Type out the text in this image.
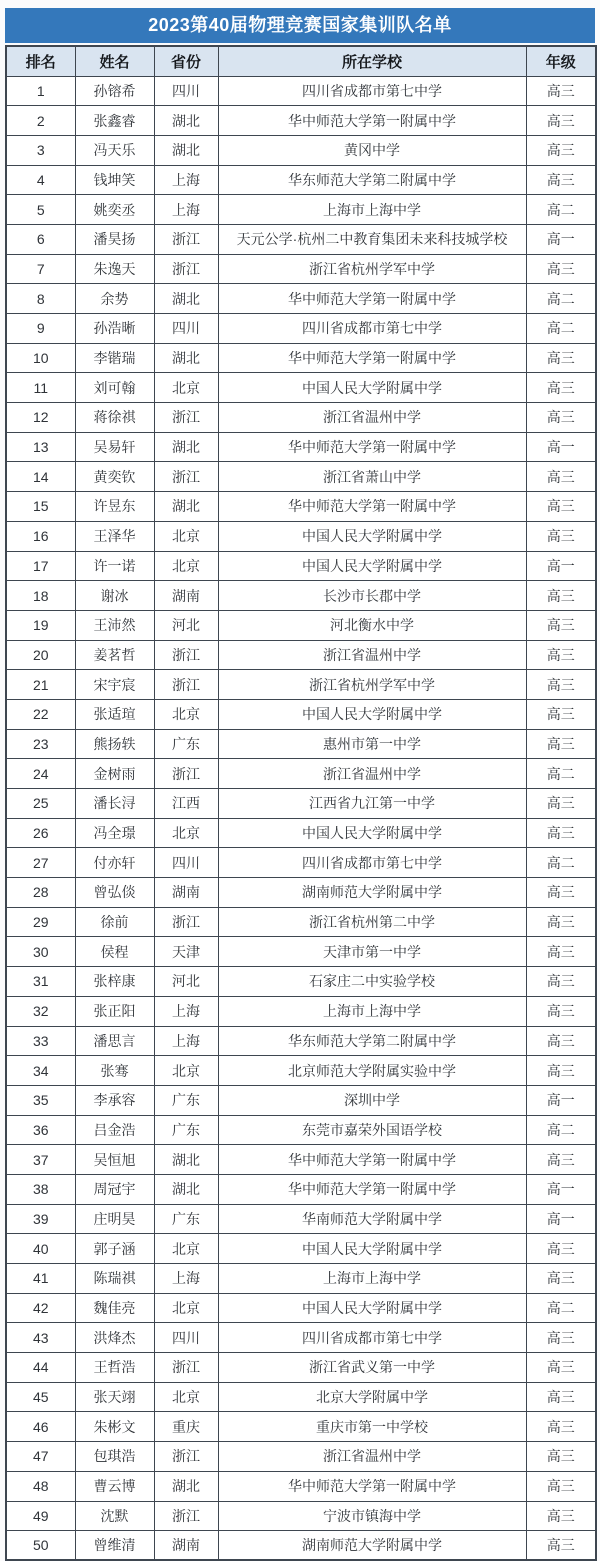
2023第40届物理竞赛国家集训队名单
排名	姓名	省份	所在学校	年级
1	孙镕希	四川	四川省成都市第七中学	高三
2	张鑫睿	湖北	华中师范大学第一附属中学	高三
3	冯天乐	湖北	黄冈中学	高三
4	钱坤笑	上海	华东师范大学第二附属中学	高三
5	姚奕丞	上海	上海市上海中学	高二
6	潘昊扬	浙江	天元公学·杭州二中教育集团未来科技城学校	高一
7	朱逸天	浙江	浙江省杭州学军中学	高三
8	余势	湖北	华中师范大学第一附属中学	高二
9	孙浩晰	四川	四川省成都市第七中学	高二
10	李锴瑞	湖北	华中师范大学第一附属中学	高三
11	刘可翰	北京	中国人民大学附属中学	高三
12	蒋徐祺	浙江	浙江省温州中学	高三
13	吴易轩	湖北	华中师范大学第一附属中学	高一
14	黄奕钦	浙江	浙江省萧山中学	高三
15	许昱东	湖北	华中师范大学第一附属中学	高三
16	王泽华	北京	中国人民大学附属中学	高三
17	许一诺	北京	中国人民大学附属中学	高一
18	谢冰	湖南	长沙市长郡中学	高三
19	王沛然	河北	河北衡水中学	高三
20	姜茗哲	浙江	浙江省温州中学	高三
21	宋宇宸	浙江	浙江省杭州学军中学	高三
22	张适瑄	北京	中国人民大学附属中学	高三
23	熊扬轶	广东	惠州市第一中学	高三
24	金树雨	浙江	浙江省温州中学	高二
25	潘长浔	江西	江西省九江第一中学	高三
26	冯全璟	北京	中国人民大学附属中学	高三
27	付亦轩	四川	四川省成都市第七中学	高二
28	曾弘倓	湖南	湖南师范大学附属中学	高三
29	徐前	浙江	浙江省杭州第二中学	高三
30	侯程	天津	天津市第一中学	高三
31	张梓康	河北	石家庄二中实验学校	高三
32	张正阳	上海	上海市上海中学	高三
33	潘思言	上海	华东师范大学第二附属中学	高三
34	张骞	北京	北京师范大学附属实验中学	高三
35	李承容	广东	深圳中学	高一
36	吕金浩	广东	东莞市嘉荣外国语学校	高二
37	吴恒旭	湖北	华中师范大学第一附属中学	高三
38	周冠宇	湖北	华中师范大学第一附属中学	高一
39	庄明昊	广东	华南师范大学附属中学	高一
40	郭子涵	北京	中国人民大学附属中学	高三
41	陈瑞祺	上海	上海市上海中学	高三
42	魏佳亮	北京	中国人民大学附属中学	高二
43	洪烽杰	四川	四川省成都市第七中学	高三
44	王哲浩	浙江	浙江省武义第一中学	高三
45	张天翊	北京	北京大学附属中学	高三
46	朱彬文	重庆	重庆市第一中学校	高三
47	包琪浩	浙江	浙江省温州中学	高三
48	曹云博	湖北	华中师范大学第一附属中学	高三
49	沈默	浙江	宁波市镇海中学	高三
50	曾维清	湖南	湖南师范大学附属中学	高三
